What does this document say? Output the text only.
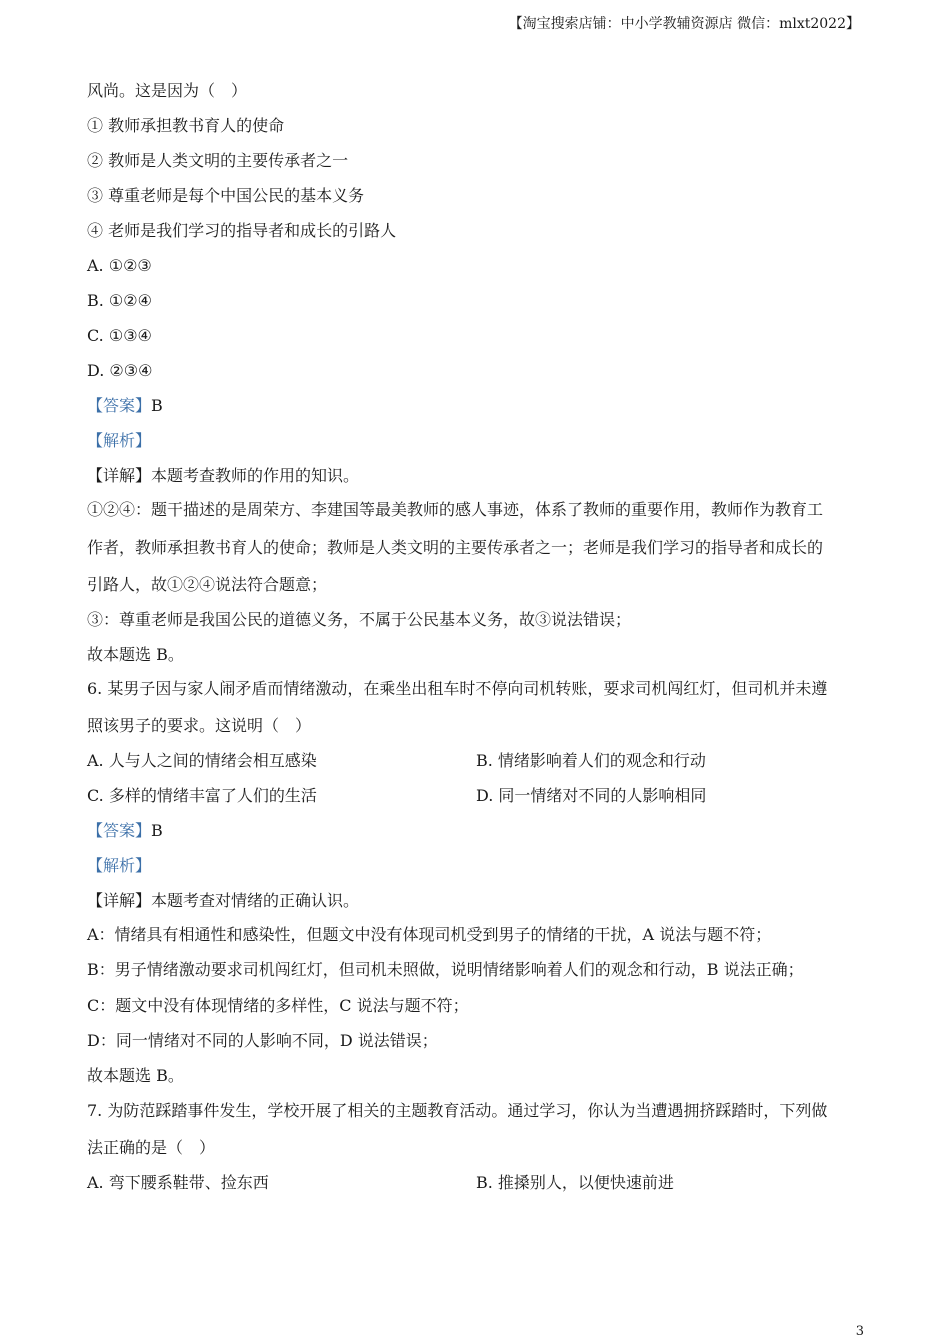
【淘宝搜索店铺：中小学教辅资源店 微信：mlxt2022】
风尚。这是因为（　）
① 教师承担教书育人的使命
② 教师是人类文明的主要传承者之一
③ 尊重老师是每个中国公民的基本义务
④ 老师是我们学习的指导者和成长的引路人
A. ①②③
B. ①②④
C. ①③④
D. ②③④
【答案】B
【解析】
【详解】本题考查教师的作用的知识。
①②④：题干描述的是周荣方、李建国等最美教师的感人事迹，体系了教师的重要作用，教师作为教育工
作者，教师承担教书育人的使命；教师是人类文明的主要传承者之一；老师是我们学习的指导者和成长的
引路人，故①②④说法符合题意；
③：尊重老师是我国公民的道德义务，不属于公民基本义务，故③说法错误；
故本题选 B。
6. 某男子因与家人闹矛盾而情绪激动，在乘坐出租车时不停向司机转账，要求司机闯红灯，但司机并未遵
照该男子的要求。这说明（　）
A. 人与人之间的情绪会相互感染	B. 情绪影响着人们的观念和行动
C. 多样的情绪丰富了人们的生活	D. 同一情绪对不同的人影响相同
【答案】B
【解析】
【详解】本题考查对情绪的正确认识。
A：情绪具有相通性和感染性，但题文中没有体现司机受到男子的情绪的干扰，A 说法与题不符；
B：男子情绪激动要求司机闯红灯，但司机未照做，说明情绪影响着人们的观念和行动，B 说法正确；
C：题文中没有体现情绪的多样性，C 说法与题不符；
D：同一情绪对不同的人影响不同，D 说法错误；
故本题选 B。
7. 为防范踩踏事件发生，学校开展了相关的主题教育活动。通过学习，你认为当遭遇拥挤踩踏时，下列做
法正确的是（　）
A. 弯下腰系鞋带、捡东西	B. 推搡别人，以便快速前进
3
